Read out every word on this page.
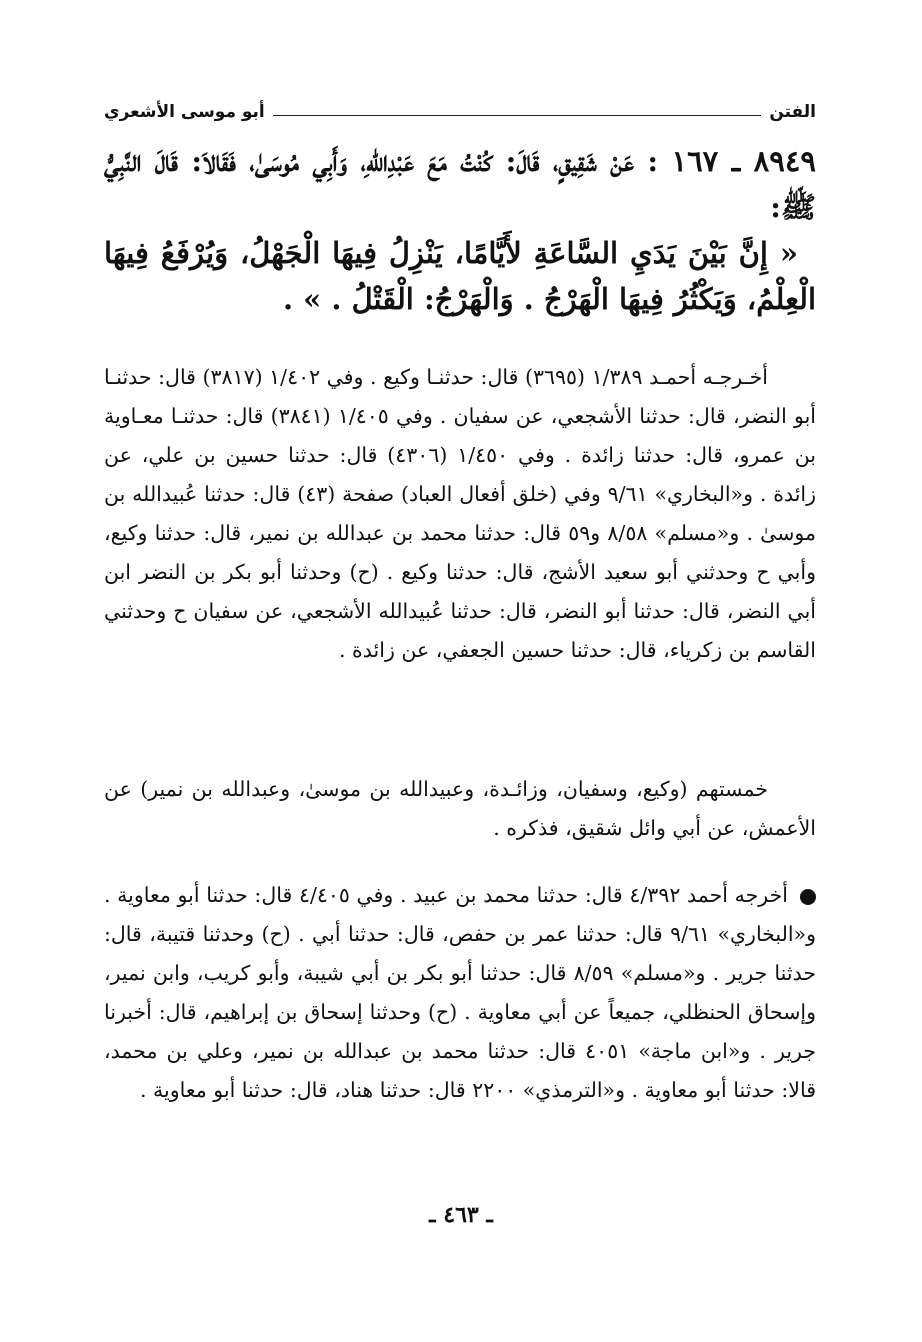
الفتن
أبو موسى الأشعري

٨٩٤٩ ـ ١٦٧ : عَنْ شَقِيقٍ، قَالَ: كُنْتُ مَعَ عَبْدِاللهِ، وَأَبِي مُوسَىٰ، فَقَالاَ: قَالَ النَّبِيُّ ﷺ:

« إِنَّ بَيْنَ يَدَيِ السَّاعَةِ لأَيَّامًا، يَنْزِلُ فِيهَا الْجَهْلُ، وَيُرْفَعُ فِيهَا الْعِلْمُ، وَيَكْثُرُ فِيهَا الْهَرْجُ . وَالْهَرْجُ: الْقَتْلُ . » .

أخـرجـه أحمـد ١/٣٨٩ (٣٦٩٥) قال: حدثنـا وكيع . وفي ١/٤٠٢ (٣٨١٧) قال: حدثنـا أبو النضر، قال: حدثنا الأشجعي، عن سفيان . وفي ١/٤٠٥ (٣٨٤١) قال: حدثنـا معـاوية بن عمرو، قال: حدثنا زائدة . وفي ١/٤٥٠ (٤٣٠٦) قال: حدثنا حسين بن علي، عن زائدة . و«البخاري» ٩/٦١ وفي (خلق أفعال العباد) صفحة (٤٣) قال: حدثنا عُبيدالله بن موسىٰ . و«مسلم» ٨/٥٨ و٥٩ قال: حدثنا محمد بن عبدالله بن نمير، قال: حدثنا وكيع، وأبي ح وحدثني أبو سعيد الأشج، قال: حدثنا وكيع . (ح) وحدثنا أبو بكر بن النضر ابن أبي النضر، قال: حدثنا أبو النضر، قال: حدثنا عُبيدالله الأشجعي، عن سفيان ح وحدثني القاسم بن زكرياء، قال: حدثنا حسين الجعفي، عن زائدة .

خمستهم (وكيع، وسفيان، وزائـدة، وعبيدالله بن موسىٰ، وعبدالله بن نمير) عن الأعمش، عن أبي وائل شقيق، فذكره .

أخرجه أحمد ٤/٣٩٢ قال: حدثنا محمد بن عبيد . وفي ٤/٤٠٥ قال: حدثنا أبو معاوية . و«البخاري» ٩/٦١ قال: حدثنا عمر بن حفص، قال: حدثنا أبي . (ح) وحدثنا قتيبة، قال: حدثنا جرير . و«مسلم» ٨/٥٩ قال: حدثنا أبو بكر بن أبي شيبة، وأبو كريب، وابن نمير، وإسحاق الحنظلي، جميعاً عن أبي معاوية . (ح) وحدثنا إسحاق بن إبراهيم، قال: أخبرنا جرير . و«ابن ماجة» ٤٠٥١ قال: حدثنا محمد بن عبدالله بن نمير، وعلي بن محمد، قالا: حدثنا أبو معاوية . و«الترمذي» ٢٢٠٠ قال: حدثنا هناد، قال: حدثنا أبو معاوية .

ـ ٤٦٣ ـ
